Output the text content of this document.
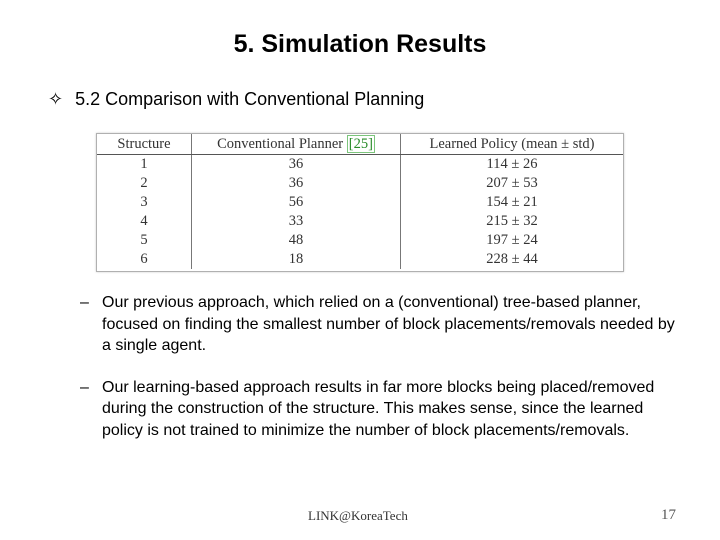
5. Simulation Results
✧ 5.2 Comparison with Conventional Planning
Structure	Conventional Planner [25]	Learned Policy (mean ± std)
1	36	114 ± 26
2	36	207 ± 53
3	56	154 ± 21
4	33	215 ± 32
5	48	197 ± 24
6	18	228 ± 44
– Our previous approach, which relied on a (conventional) tree-based planner, focused on finding the smallest number of block placements/removals needed by a single agent.
– Our learning-based approach results in far more blocks being placed/removed during the construction of the structure. This makes sense, since the learned policy is not trained to minimize the number of block placements/removals.
LINK@KoreaTech	17
